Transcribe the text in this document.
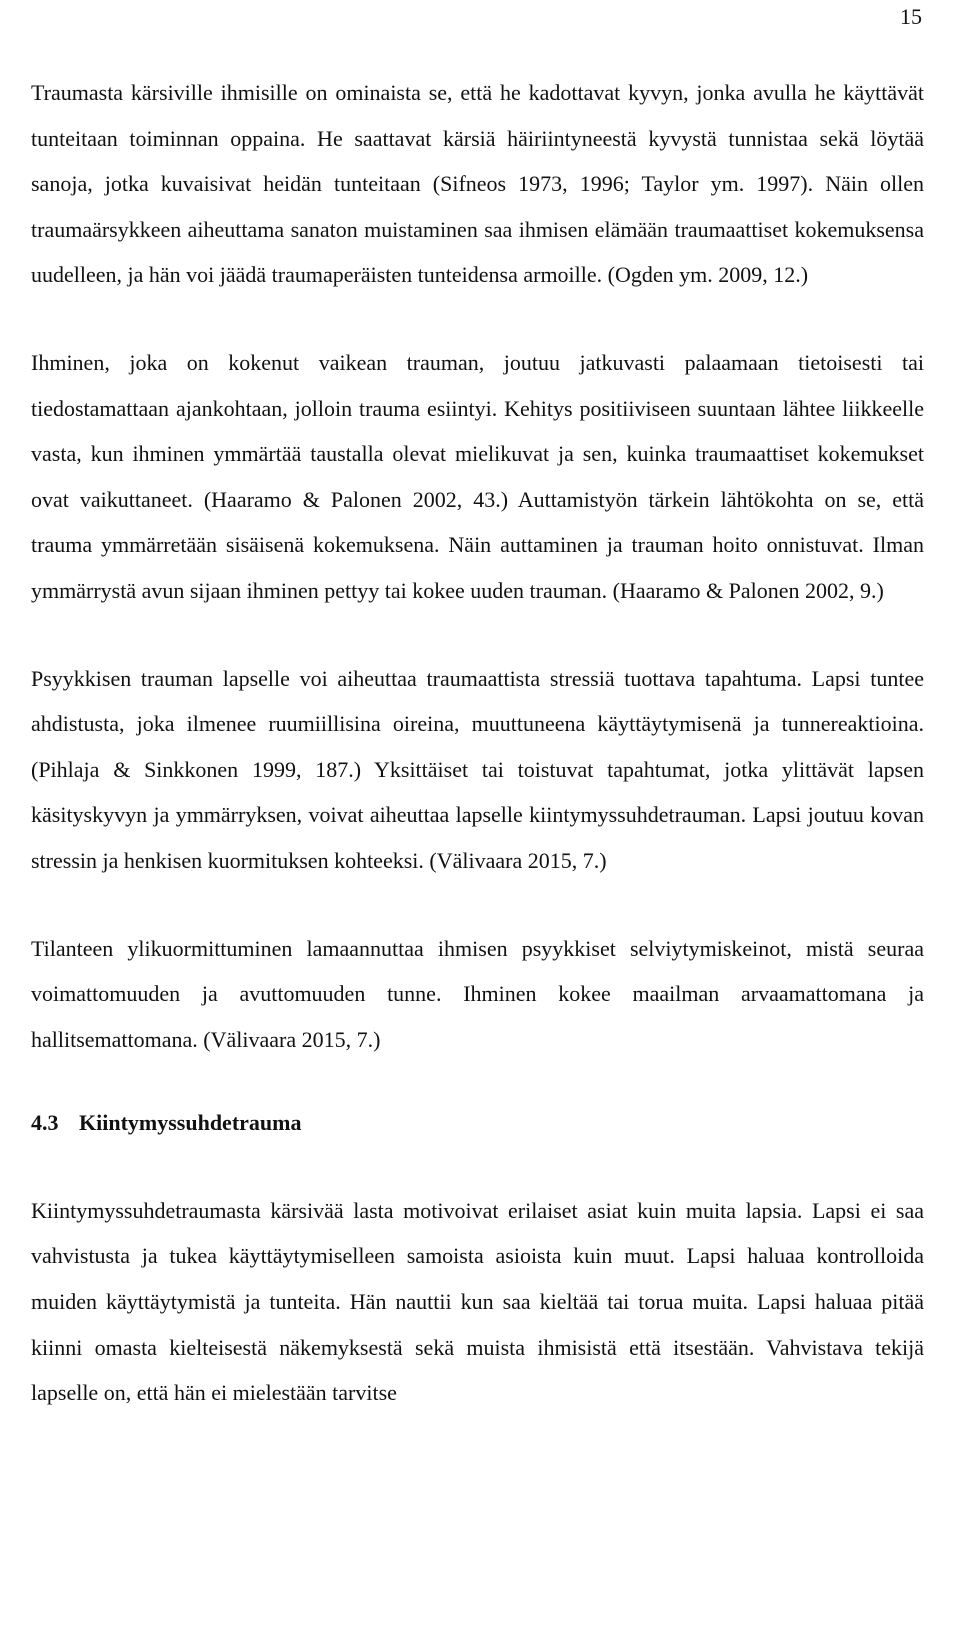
15

Traumasta kärsiville ihmisille on ominaista se, että he kadottavat kyvyn, jonka avulla he käyttävät tunteitaan toiminnan oppaina. He saattavat kärsiä häiriintyneestä kyvystä tunnistaa sekä löytää sanoja, jotka kuvaisivat heidän tunteitaan (Sifneos 1973, 1996; Taylor ym. 1997). Näin ollen traumaärsykkeen aiheuttama sanaton muistaminen saa ihmisen elämään traumaattiset kokemuksensa uudelleen, ja hän voi jäädä traumaperäisten tunteidensa armoille. (Ogden ym. 2009, 12.)

Ihminen, joka on kokenut vaikean trauman, joutuu jatkuvasti palaamaan tietoisesti tai tiedostamattaan ajankohtaan, jolloin trauma esiintyi. Kehitys positiiviseen suuntaan lähtee liikkeelle vasta, kun ihminen ymmärtää taustalla olevat mielikuvat ja sen, kuinka traumaattiset kokemukset ovat vaikuttaneet. (Haaramo & Palonen 2002, 43.) Auttamistyön tärkein lähtökohta on se, että trauma ymmärretään sisäisenä kokemuksena. Näin auttaminen ja trauman hoito onnistuvat. Ilman ymmärrystä avun sijaan ihminen pettyy tai kokee uuden trauman. (Haaramo & Palonen 2002, 9.)

Psyykkisen trauman lapselle voi aiheuttaa traumaattista stressiä tuottava tapahtuma. Lapsi tuntee ahdistusta, joka ilmenee ruumiillisina oireina, muuttuneena käyttäytymisenä ja tunnereaktioina. (Pihlaja & Sinkkonen 1999, 187.) Yksittäiset tai toistuvat tapahtumat, jotka ylittävät lapsen käsityskyvyn ja ymmärryksen, voivat aiheuttaa lapselle kiintymyssuhdetrauman. Lapsi joutuu kovan stressin ja henkisen kuormituksen kohteeksi. (Välivaara 2015, 7.)

Tilanteen ylikuormittuminen lamaannuttaa ihmisen psyykkiset selviytymiskeinot, mistä seuraa voimattomuuden ja avuttomuuden tunne. Ihminen kokee maailman arvaamattomana ja hallitsemattomana. (Välivaara 2015, 7.)

4.3 Kiintymyssuhdetrauma

Kiintymyssuhdetraumasta kärsivää lasta motivoivat erilaiset asiat kuin muita lapsia. Lapsi ei saa vahvistusta ja tukea käyttäytymiselleen samoista asioista kuin muut. Lapsi haluaa kontrolloida muiden käyttäytymistä ja tunteita. Hän nauttii kun saa kieltää tai torua muita. Lapsi haluaa pitää kiinni omasta kielteisestä näkemyksestä sekä muista ihmisistä että itsestään. Vahvistava tekijä lapselle on, että hän ei mielestään tarvitse
